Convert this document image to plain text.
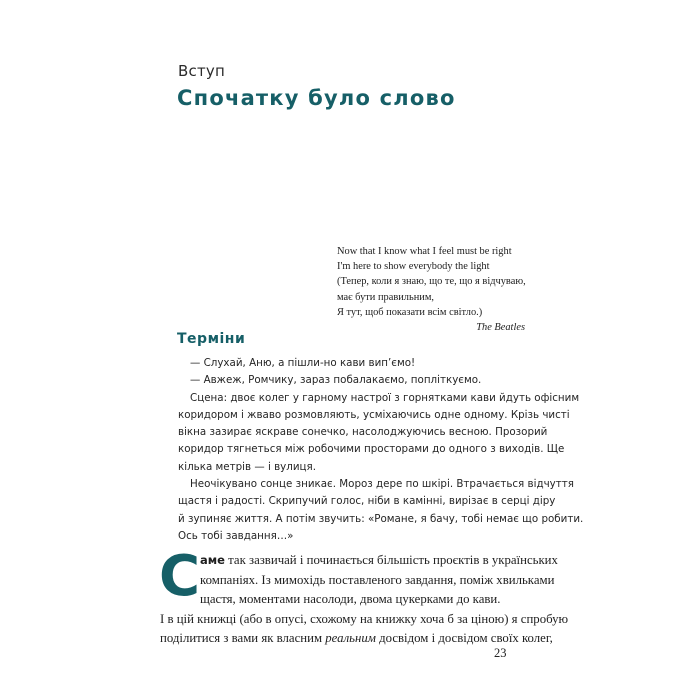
Вступ
Спочатку було слово
Now that I know what I feel must be right
I'm here to show everybody the light
(Тепер, коли я знаю, що те, що я відчуваю,
має бути правильним,
Я тут, щоб показати всім світло.)
The Beatles
Терміни
— Слухай, Аню, а пішли-но кави вип’ємо!
— Авжеж, Ромчику, зараз побалакаємо, попліткуємо.
Сцена: двоє колег у гарному настрої з горнятками кави йдуть офісним
коридором і жваво розмовляють, усміхаючись одне одному. Крізь чисті
вікна зазирає яскраве сонечко, насолоджуючись весною. Прозорий
коридор тягнеться між робочими просторами до одного з виходів. Ще
кілька метрів — і вулиця.
Неочікувано сонце зникає. Мороз дере по шкірі. Втрачається відчуття
щастя і радості. Скрипучий голос, ніби в камінні, вирізає в серці діру
й зупиняє життя. А потім звучить: «Романе, я бачу, тобі немає що робити.
Ось тобі завдання…»
С аме так зазвичай і починається більшість проєктів в українських
компаніях. Із мимохідь поставленого завдання, поміж хвильками
щастя, моментами насолоди, двома цукерками до кави.
І в цій книжці (або в опусі, схожому на книжку хоча б за ціною) я спробую
поділитися з вами як власним реальним досвідом і досвідом своїх колег,
23
